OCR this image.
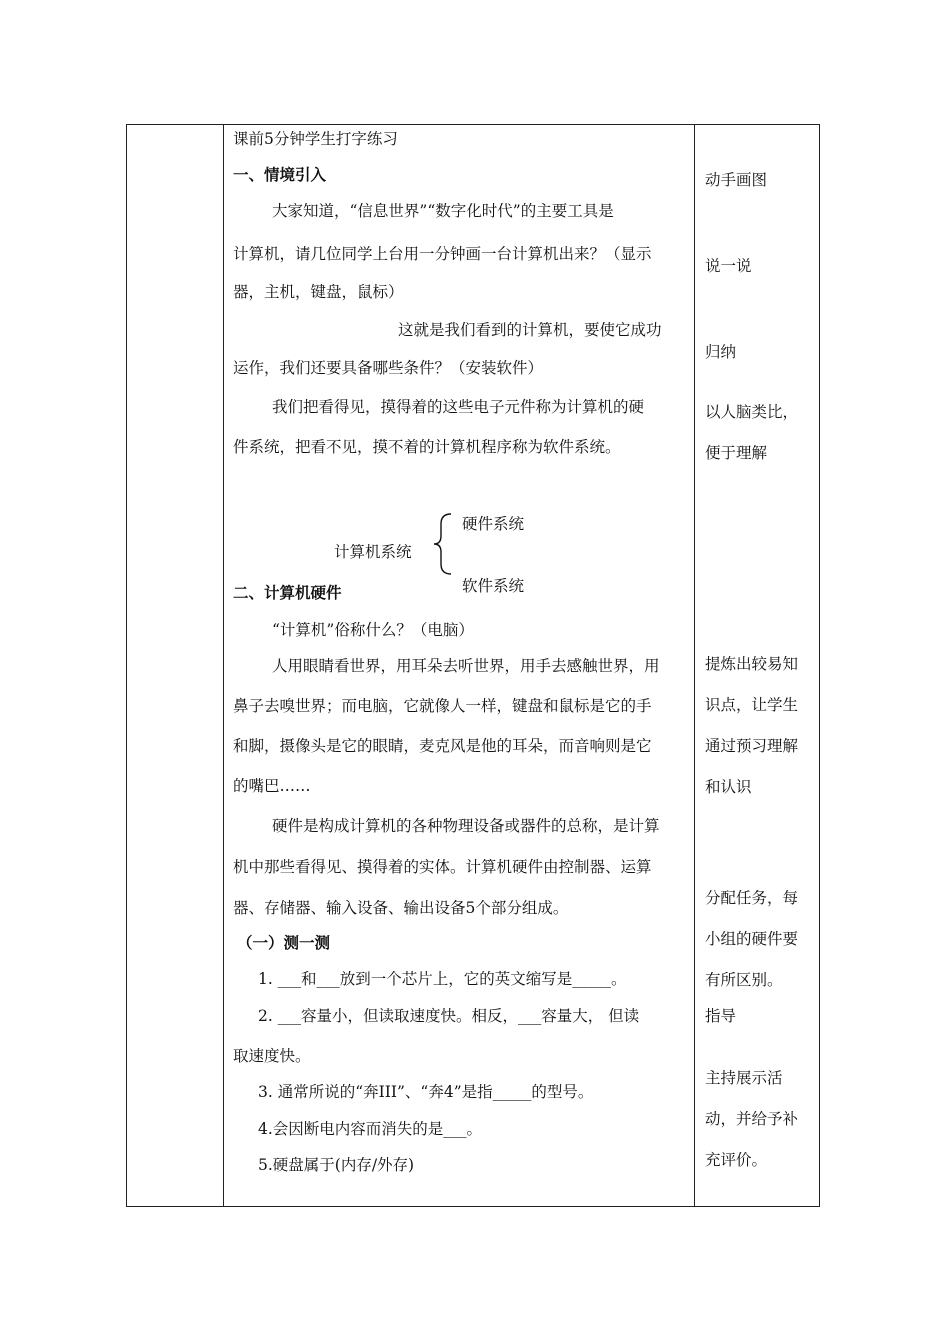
课前5分钟学生打字练习
一、情境引入
大家知道，“信息世界”“数字化时代”的主要工具是
计算机，请几位同学上台用一分钟画一台计算机出来？（显示
器，主机，键盘，鼠标）
这就是我们看到的计算机，要使它成功
运作，我们还要具备哪些条件？（安装软件）
我们把看得见，摸得着的这些电子元件称为计算机的硬
件系统，把看不见，摸不着的计算机程序称为软件系统。
硬件系统
计算机系统
软件系统
二、计算机硬件
“计算机”俗称什么？（电脑）
人用眼睛看世界，用耳朵去听世界，用手去感触世界，用
鼻子去嗅世界；而电脑，它就像人一样，键盘和鼠标是它的手
和脚，摄像头是它的眼睛，麦克风是他的耳朵，而音响则是它
的嘴巴……
硬件是构成计算机的各种物理设备或器件的总称，是计算
机中那些看得见、摸得着的实体。计算机硬件由控制器、运算
器、存储器、输入设备、输出设备5个部分组成。
（一）测一测
1. ___和___放到一个芯片上，它的英文缩写是_____。
2. ___容量小，但读取速度快。相反，___容量大， 但读
取速度快。
3. 通常所说的“奔III”、“奔4”是指_____的型号。
4.会因断电内容而消失的是___。
5.硬盘属于(内存/外存)
动手画图
说一说
归纳
以人脑类比，
便于理解
提炼出较易知
识点，让学生
通过预习理解
和认识
分配任务，每
小组的硬件要
有所区别。
指导
主持展示活
动，并给予补
充评价。
